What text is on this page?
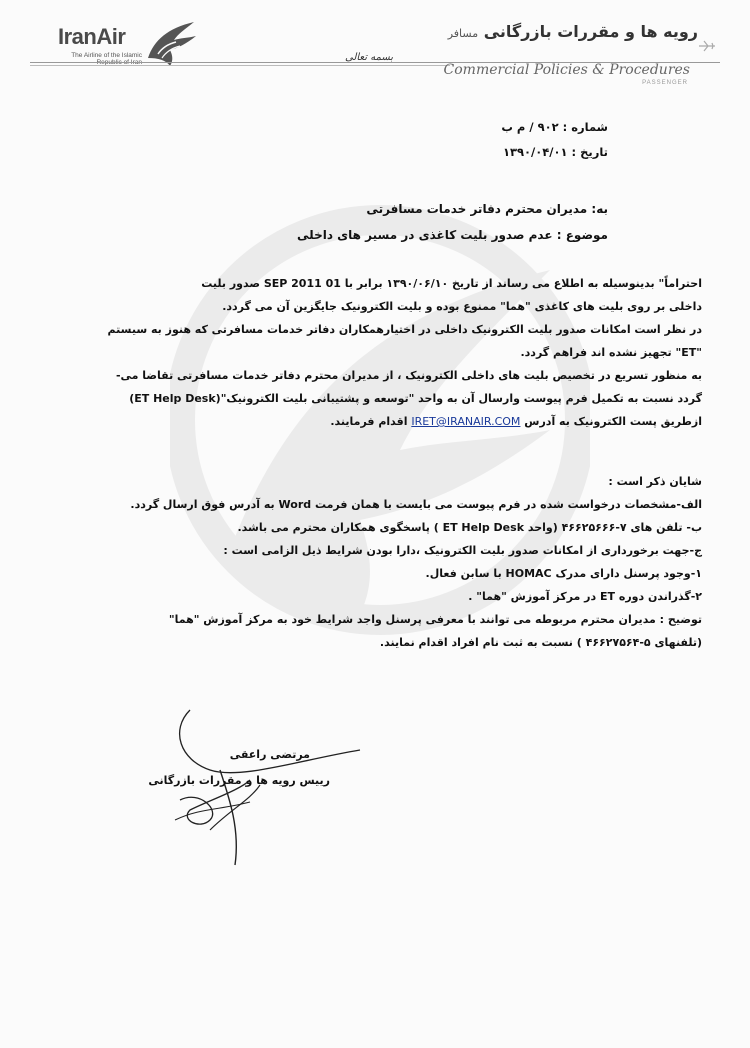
IranAir
The Airline of the Islamic
رویه ها و مقررات بازرگانی مسافر
بسمه تعالی
Commercial Policies & Procedures
PASSENGER
شماره : ۹۰۲ / م ب
تاریخ : ۱۳۹۰/۰۴/۰۱
به: مدیران محترم دفاتر خدمات مسافرتی
موضوع : عدم صدور بلیت کاغذی در مسیر های داخلی
احتراماً" بدینوسیله به اطلاع می رساند از تاریخ ۱۳۹۰/۰۶/۱۰ برابر با 01 SEP 2011 صدور بلیت
داخلی بر روی بلیت های کاغذی "هما" ممنوع بوده و بلیت الکترونیک جایگزین آن می گردد.
در نظر است امکانات صدور بلیت الکترونیک داخلی در اختیارهمکاران دفاتر خدمات مسافرتی که هنوز به سیستم
"ET" تجهیز نشده اند فراهم گردد.
به منظور تسریع در تخصیص بلیت های داخلی الکترونیک ، از مدیران محترم دفاتر خدمات مسافرتی تقاضا می-
گردد نسبت به تکمیل فرم پیوست وارسال آن به واحد "توسعه و پشتیبانی بلیت الکترونیک"(ET Help Desk)
ازطریق پست الکترونیک به آدرس IRET@IRANAIR.COM اقدام فرمایند.
شایان ذکر است :
الف-مشخصات درخواست شده در فرم پیوست می بایست با همان فرمت Word به آدرس فوق ارسال گردد.
ب- تلفن های ۷-۴۶۶۲۵۶۶۶ (واحد ET Help Desk ) پاسخگوی همکاران محترم می باشد.
ج-جهت برخورداری از امکانات صدور بلیت الکترونیک ،دارا بودن شرایط ذیل الزامی است :
۱-وجود پرسنل دارای مدرک HOMAC با سابن فعال.
۲-گذراندن دوره ET در مرکز آموزش "هما" .
توضیح : مدیران محترم مربوطه می توانند با معرفی پرسنل واجد شرایط خود به مرکز آموزش "هما"
(تلفنهای ۵-۴۶۶۲۷۵۶۴ ) نسبت به ثبت نام افراد اقدام نمایند.
مرتضی راعقی
رییس رویه ها و مقررات بازرگانی
